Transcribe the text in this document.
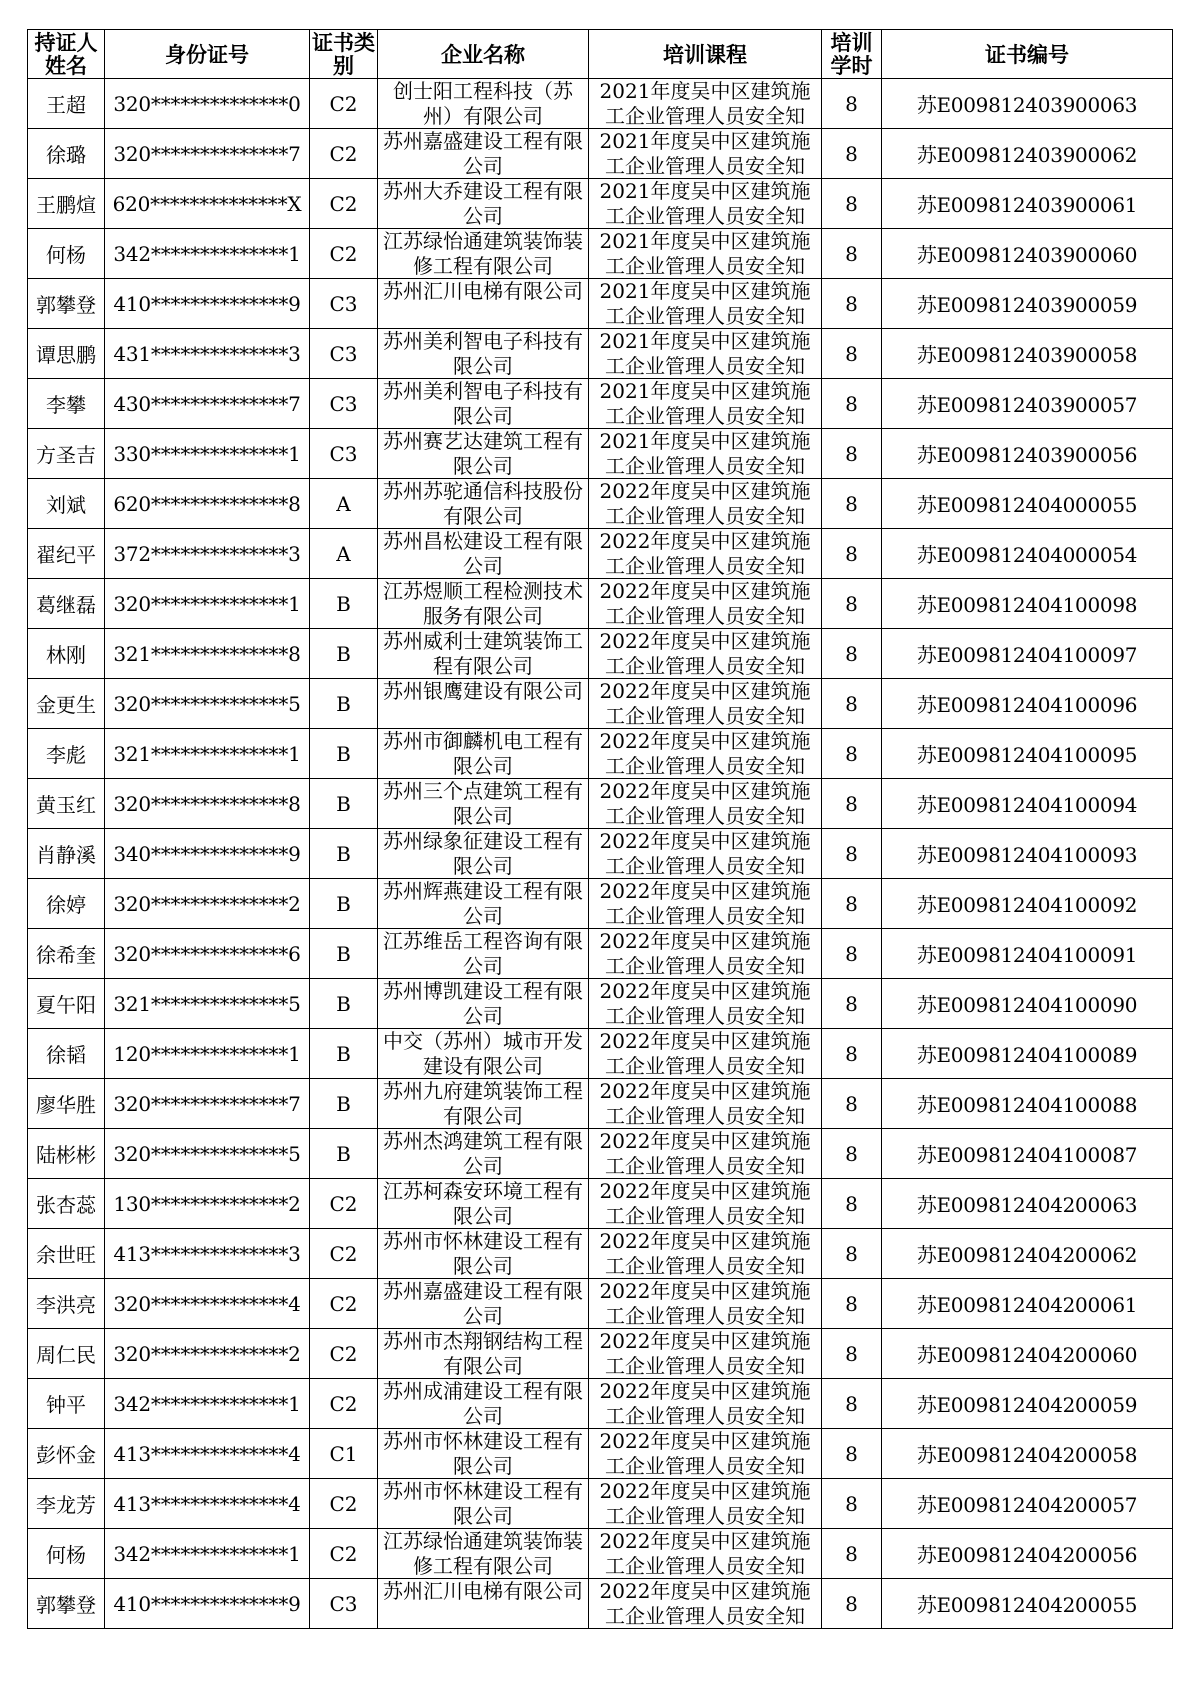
持证人姓名	身份证号	证书类别	企业名称	培训课程	培训学时	证书编号
王超	320**************0	C2	创士阳工程科技（苏州）有限公司	2021年度吴中区建筑施工企业管理人员安全知	8	苏E009812403900063
徐璐	320**************7	C2	苏州嘉盛建设工程有限公司	2021年度吴中区建筑施工企业管理人员安全知	8	苏E009812403900062
王鹏煊	620**************X	C2	苏州大乔建设工程有限公司	2021年度吴中区建筑施工企业管理人员安全知	8	苏E009812403900061
何杨	342**************1	C2	江苏绿怡通建筑装饰装修工程有限公司	2021年度吴中区建筑施工企业管理人员安全知	8	苏E009812403900060
郭攀登	410**************9	C3	苏州汇川电梯有限公司	2021年度吴中区建筑施工企业管理人员安全知	8	苏E009812403900059
谭思鹏	431**************3	C3	苏州美利智电子科技有限公司	2021年度吴中区建筑施工企业管理人员安全知	8	苏E009812403900058
李攀	430**************7	C3	苏州美利智电子科技有限公司	2021年度吴中区建筑施工企业管理人员安全知	8	苏E009812403900057
方圣吉	330**************1	C3	苏州赛艺达建筑工程有限公司	2021年度吴中区建筑施工企业管理人员安全知	8	苏E009812403900056
刘斌	620**************8	A	苏州苏驼通信科技股份有限公司	2022年度吴中区建筑施工企业管理人员安全知	8	苏E009812404000055
翟纪平	372**************3	A	苏州昌松建设工程有限公司	2022年度吴中区建筑施工企业管理人员安全知	8	苏E009812404000054
葛继磊	320**************1	B	江苏煜顺工程检测技术服务有限公司	2022年度吴中区建筑施工企业管理人员安全知	8	苏E009812404100098
林刚	321**************8	B	苏州威利士建筑装饰工程有限公司	2022年度吴中区建筑施工企业管理人员安全知	8	苏E009812404100097
金更生	320**************5	B	苏州银鹰建设有限公司	2022年度吴中区建筑施工企业管理人员安全知	8	苏E009812404100096
李彪	321**************1	B	苏州市御麟机电工程有限公司	2022年度吴中区建筑施工企业管理人员安全知	8	苏E009812404100095
黄玉红	320**************8	B	苏州三个点建筑工程有限公司	2022年度吴中区建筑施工企业管理人员安全知	8	苏E009812404100094
肖静溪	340**************9	B	苏州绿象征建设工程有限公司	2022年度吴中区建筑施工企业管理人员安全知	8	苏E009812404100093
徐婷	320**************2	B	苏州辉燕建设工程有限公司	2022年度吴中区建筑施工企业管理人员安全知	8	苏E009812404100092
徐希奎	320**************6	B	江苏维岳工程咨询有限公司	2022年度吴中区建筑施工企业管理人员安全知	8	苏E009812404100091
夏午阳	321**************5	B	苏州博凯建设工程有限公司	2022年度吴中区建筑施工企业管理人员安全知	8	苏E009812404100090
徐韬	120**************1	B	中交（苏州）城市开发建设有限公司	2022年度吴中区建筑施工企业管理人员安全知	8	苏E009812404100089
廖华胜	320**************7	B	苏州九府建筑装饰工程有限公司	2022年度吴中区建筑施工企业管理人员安全知	8	苏E009812404100088
陆彬彬	320**************5	B	苏州杰鸿建筑工程有限公司	2022年度吴中区建筑施工企业管理人员安全知	8	苏E009812404100087
张杏蕊	130**************2	C2	江苏柯森安环境工程有限公司	2022年度吴中区建筑施工企业管理人员安全知	8	苏E009812404200063
余世旺	413**************3	C2	苏州市怀林建设工程有限公司	2022年度吴中区建筑施工企业管理人员安全知	8	苏E009812404200062
李洪亮	320**************4	C2	苏州嘉盛建设工程有限公司	2022年度吴中区建筑施工企业管理人员安全知	8	苏E009812404200061
周仁民	320**************2	C2	苏州市杰翔钢结构工程有限公司	2022年度吴中区建筑施工企业管理人员安全知	8	苏E009812404200060
钟平	342**************1	C2	苏州成浦建设工程有限公司	2022年度吴中区建筑施工企业管理人员安全知	8	苏E009812404200059
彭怀金	413**************4	C1	苏州市怀林建设工程有限公司	2022年度吴中区建筑施工企业管理人员安全知	8	苏E009812404200058
李龙芳	413**************4	C2	苏州市怀林建设工程有限公司	2022年度吴中区建筑施工企业管理人员安全知	8	苏E009812404200057
何杨	342**************1	C2	江苏绿怡通建筑装饰装修工程有限公司	2022年度吴中区建筑施工企业管理人员安全知	8	苏E009812404200056
郭攀登	410**************9	C3	苏州汇川电梯有限公司	2022年度吴中区建筑施工企业管理人员安全知	8	苏E009812404200055
